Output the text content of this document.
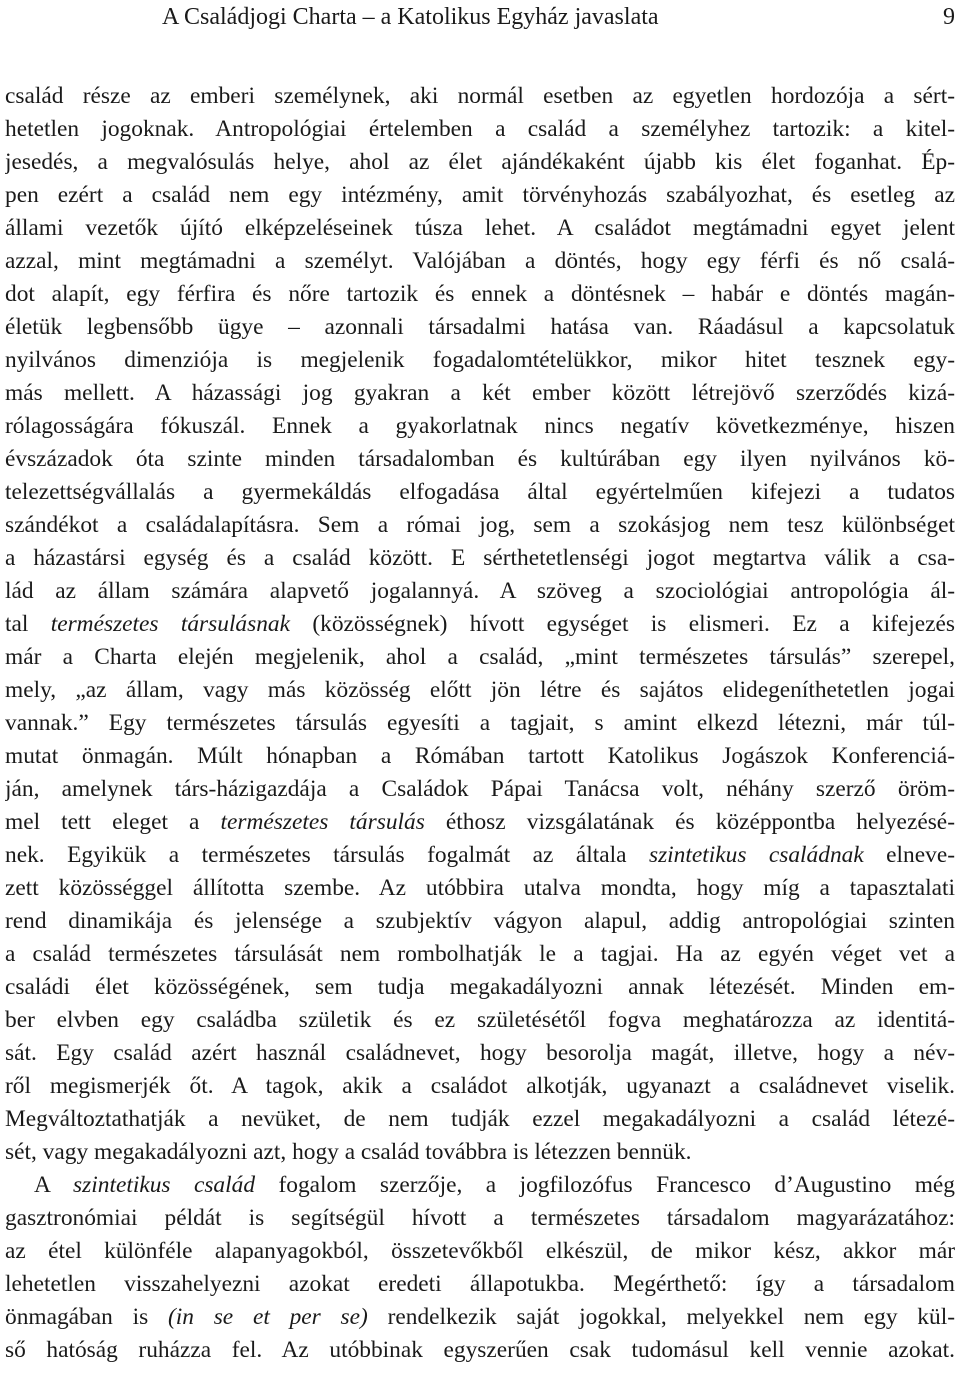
A Családjogi Charta – a Katolikus Egyház javaslata	9
család része az emberi személynek, aki normál esetben az egyetlen hordozója a sért-
hetetlen jogoknak. Antropológiai értelemben a család a személyhez tartozik: a kitel-
jesedés, a megvalósulás helye, ahol az élet ajándékaként újabb kis élet foganhat. Ép-
pen ezért a család nem egy intézmény, amit törvényhozás szabályozhat, és esetleg az
állami vezetők újító elképzeléseinek túsza lehet. A családot megtámadni egyet jelent
azzal, mint megtámadni a személyt. Valójában a döntés, hogy egy férfi és nő csalá-
dot alapít, egy férfira és nőre tartozik és ennek a döntésnek – habár e döntés magán-
életük legbensőbb ügye – azonnali társadalmi hatása van. Ráadásul a kapcsolatuk
nyilvános dimenziója is megjelenik fogadalomtételükkor, mikor hitet tesznek egy-
más mellett. A házassági jog gyakran a két ember között létrejövő szerződés kizá-
rólagosságára fókuszál. Ennek a gyakorlatnak nincs negatív következménye, hiszen
évszázadok óta szinte minden társadalomban és kultúrában egy ilyen nyilvános kö-
telezettségvállalás a gyermekáldás elfogadása által egyértelműen kifejezi a tudatos
szándékot a családalapításra. Sem a római jog, sem a szokásjog nem tesz különbséget
a házastársi egység és a család között. E sérthetetlenségi jogot megtartva válik a csa-
lád az állam számára alapvető jogalannyá. A szöveg a szociológiai antropológia ál-
tal természetes társulásnak (közösségnek) hívott egységet is elismeri. Ez a kifejezés
már a Charta elején megjelenik, ahol a család, „mint természetes társulás” szerepel,
mely, „az állam, vagy más közösség előtt jön létre és sajátos elidegeníthetetlen jogai
vannak.” Egy természetes társulás egyesíti a tagjait, s amint elkezd létezni, már túl-
mutat önmagán. Múlt hónapban a Rómában tartott Katolikus Jogászok Konferenciá-
ján, amelynek társ-házigazdája a Családok Pápai Tanácsa volt, néhány szerző öröm-
mel tett eleget a természetes társulás éthosz vizsgálatának és középpontba helyezésé-
nek. Egyikük a természetes társulás fogalmát az általa szintetikus családnak elneve-
zett közösséggel állította szembe. Az utóbbira utalva mondta, hogy míg a tapasztalati
rend dinamikája és jelensége a szubjektív vágyon alapul, addig antropológiai szinten
a család természetes társulását nem rombolhatják le a tagjai. Ha az egyén véget vet a
családi élet közösségének, sem tudja megakadályozni annak létezését. Minden em-
ber elvben egy családba születik és ez születésétől fogva meghatározza az identitá-
sát. Egy család azért használ családnevet, hogy besorolja magát, illetve, hogy a név-
ről megismerjék őt. A tagok, akik a családot alkotják, ugyanazt a családnevet viselik.
Megváltoztathatják a nevüket, de nem tudják ezzel megakadályozni a család létezé-
sét, vagy megakadályozni azt, hogy a család továbbra is létezzen bennük.
A szintetikus család fogalom szerzője, a jogfilozófus Francesco d’Augustino még
gasztronómiai példát is segítségül hívott a természetes társadalom magyarázatához:
az étel különféle alapanyagokból, összetevőkből elkészül, de mikor kész, akkor már
lehetetlen visszahelyezni azokat eredeti állapotukba. Megérthető: így a társadalom
önmagában is (in se et per se) rendelkezik saját jogokkal, melyekkel nem egy kül-
ső hatóság ruházza fel. Az utóbbinak egyszerűen csak tudomásul kell vennie azokat.
